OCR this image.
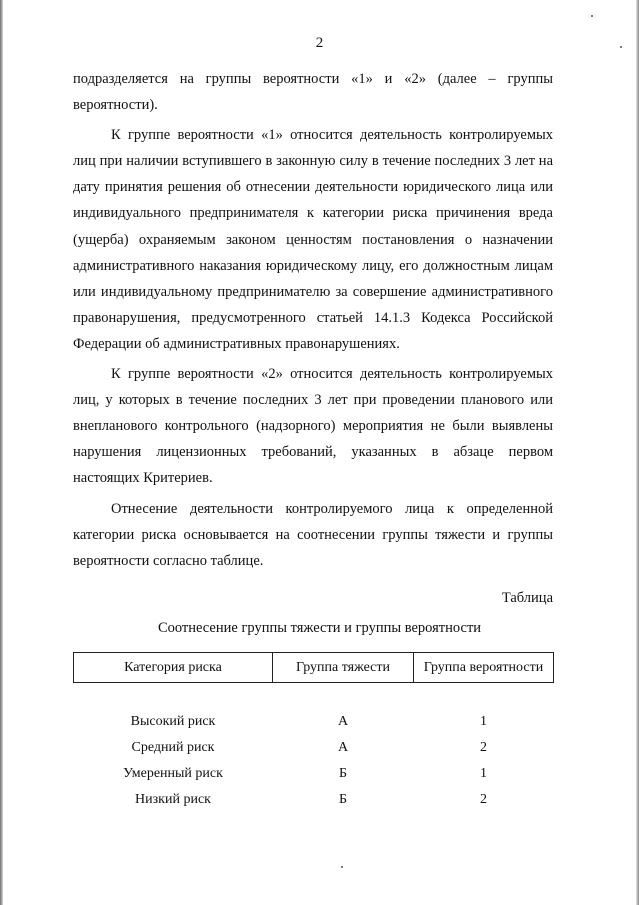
2

подразделяется на группы вероятности «1» и «2» (далее – группы вероятности).

К группе вероятности «1» относится деятельность контролируемых лиц при наличии вступившего в законную силу в течение последних 3 лет на дату принятия решения об отнесении деятельности юридического лица или индивидуального предпринимателя к категории риска причинения вреда (ущерба) охраняемым законом ценностям постановления о назначении административного наказания юридическому лицу, его должностным лицам или индивидуальному предпринимателю за совершение административного правонарушения, предусмотренного статьей 14.1.3 Кодекса Российской Федерации об административных правонарушениях.

К группе вероятности «2» относится деятельность контролируемых лиц, у которых в течение последних 3 лет при проведении планового или внепланового контрольного (надзорного) мероприятия не были выявлены нарушения лицензионных требований, указанных в абзаце первом настоящих Критериев.

Отнесение деятельности контролируемого лица к определенной категории риска основывается на соотнесении группы тяжести и группы вероятности согласно таблице.

Таблица
Соотнесение группы тяжести и группы вероятности
Категория риска	Группа тяжести	Группа вероятности

Высокий риск	А	1
Средний риск	А	2
Умеренный риск	Б	1
Низкий риск	Б	2
